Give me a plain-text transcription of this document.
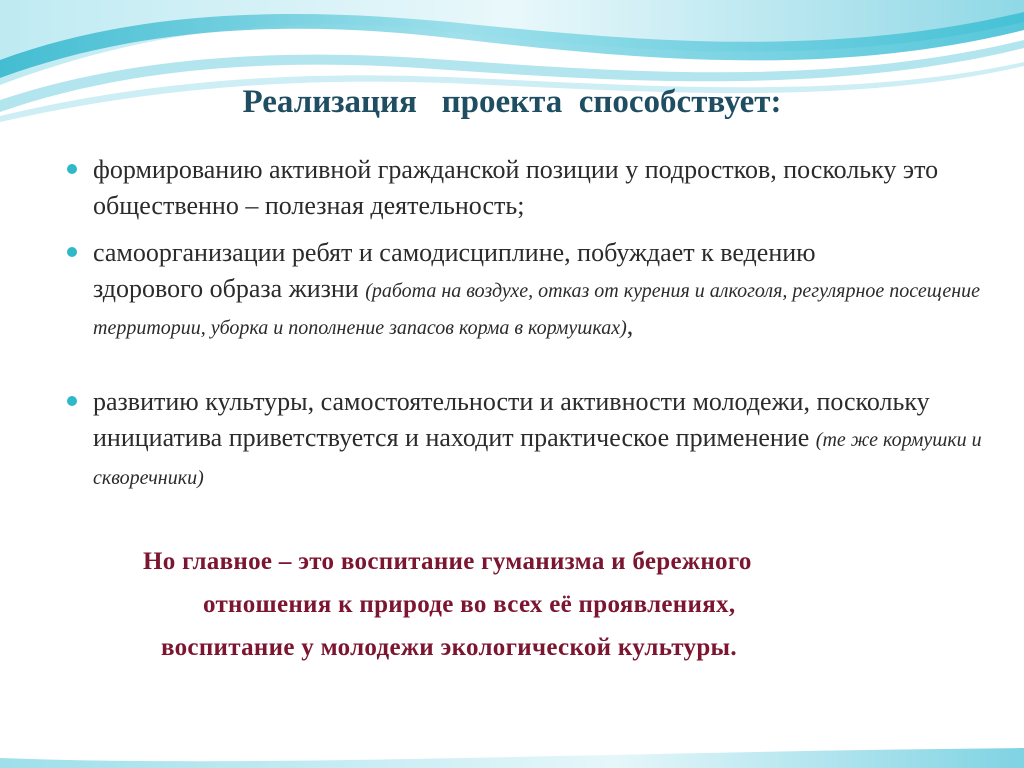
Реализация   проекта  способствует:

формированию активной гражданской позиции у подростков, поскольку это общественно – полезная деятельность;

самоорганизации ребят и самодисциплине, побуждает к ведению
здорового образа жизни (работа на воздухе, отказ от курения и алкоголя, регулярное посещение территории, уборка и пополнение запасов корма в кормушках),

развитию культуры, самостоятельности и активности молодежи, поскольку инициатива приветствуется и находит практическое применение (те же кормушки и скворечники)

Но главное – это воспитание гуманизма и бережного
отношения к природе во всех её проявлениях,
воспитание у молодежи экологической культуры.
